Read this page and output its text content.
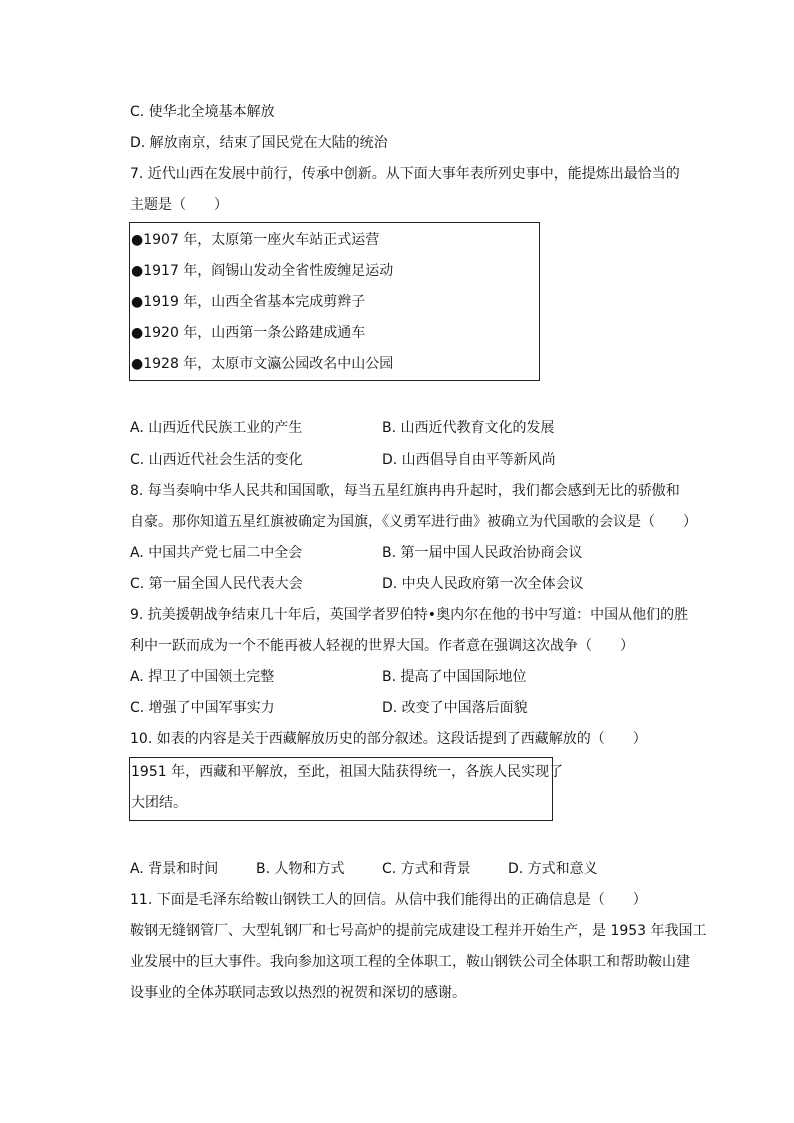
C. 使华北全境基本解放
D. 解放南京，结束了国民党在大陆的统治
7. 近代山西在发展中前行，传承中创新。从下面大事年表所列史事中，能提炼出最恰当的
主题是（　　）
●1907 年，太原第一座火车站正式运营
●1917 年，阎锡山发动全省性废缠足运动
●1919 年，山西全省基本完成剪辫子
●1920 年，山西第一条公路建成通车
●1928 年，太原市文瀛公园改名中山公园
A. 山西近代民族工业的产生	B. 山西近代教育文化的发展
C. 山西近代社会生活的变化	D. 山西倡导自由平等新风尚
8. 每当奏响中华人民共和国国歌，每当五星红旗冉冉升起时，我们都会感到无比的骄傲和
自豪。那你知道五星红旗被确定为国旗，《义勇军进行曲》被确立为代国歌的会议是（　　）
A. 中国共产党七届二中全会	B. 第一届中国人民政治协商会议
C. 第一届全国人民代表大会	D. 中央人民政府第一次全体会议
9. 抗美援朝战争结束几十年后，英国学者罗伯特•奥内尔在他的书中写道：中国从他们的胜
利中一跃而成为一个不能再被人轻视的世界大国。作者意在强调这次战争（　　）
A. 捍卫了中国领土完整	B. 提高了中国国际地位
C. 增强了中国军事实力	D. 改变了中国落后面貌
10. 如表的内容是关于西藏解放历史的部分叙述。这段话提到了西藏解放的（　　）
1951 年，西藏和平解放，至此，祖国大陆获得统一，各族人民实现了
大团结。
A. 背景和时间	B. 人物和方式	C. 方式和背景	D. 方式和意义
11. 下面是毛泽东给鞍山钢铁工人的回信。从信中我们能得出的正确信息是（　　）
鞍钢无缝钢管厂、大型轧钢厂和七号高炉的提前完成建设工程并开始生产，是 1953 年我国工
业发展中的巨大事件。我向参加这项工程的全体职工，鞍山钢铁公司全体职工和帮助鞍山建
设事业的全体苏联同志致以热烈的祝贺和深切的感谢。
